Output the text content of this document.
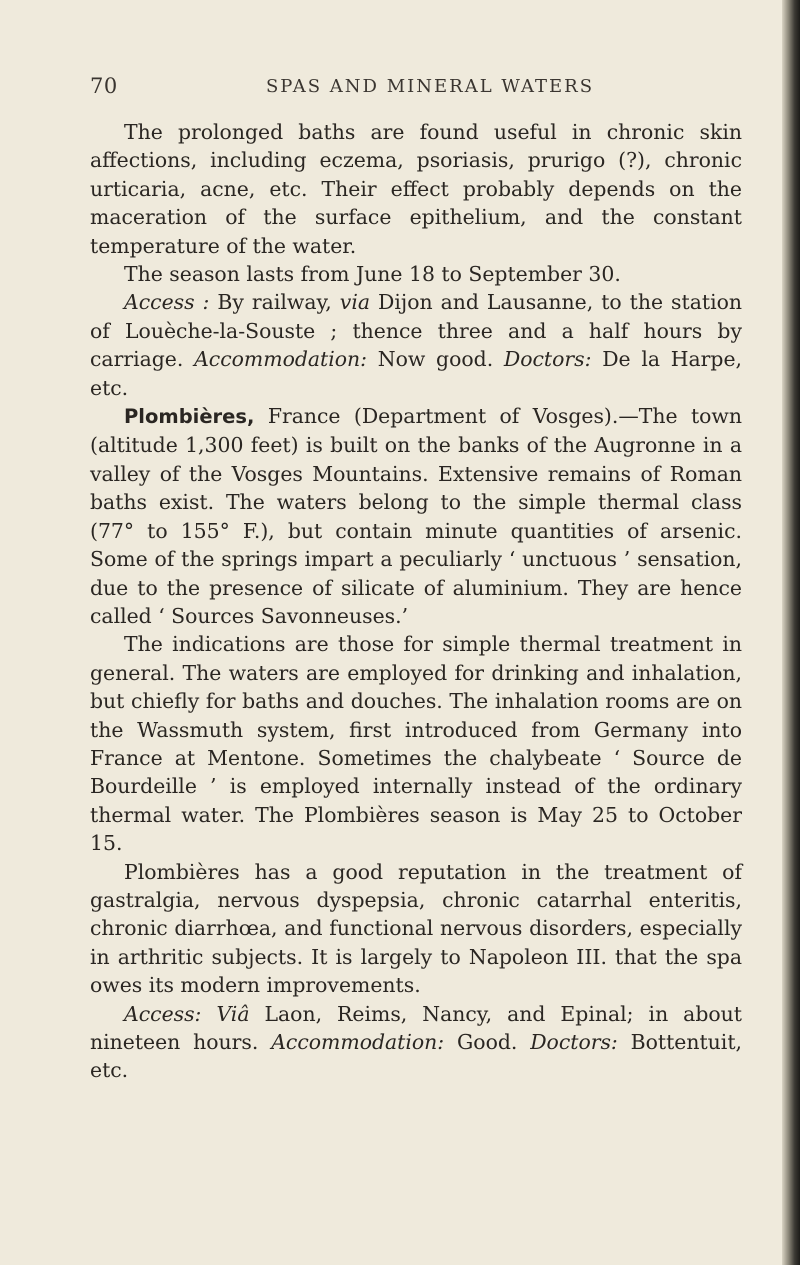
70	SPAS AND MINERAL WATERS

The prolonged baths are found useful in chronic skin affections, including eczema, psoriasis, prurigo (?), chronic urticaria, acne, etc. Their effect probably depends on the maceration of the surface epithelium, and the constant temperature of the water.

The season lasts from June 18 to September 30.

Access : By railway, via Dijon and Lausanne, to the station of Louèche-la-Souste ; thence three and a half hours by carriage. Accommodation: Now good. Doctors: De la Harpe, etc.

Plombières, France (Department of Vosges).—The town (altitude 1,300 feet) is built on the banks of the Augronne in a valley of the Vosges Mountains. Extensive remains of Roman baths exist. The waters belong to the simple thermal class (77° to 155° F.), but contain minute quantities of arsenic. Some of the springs impart a peculiarly ‘ unctuous ’ sensation, due to the presence of silicate of aluminium. They are hence called ‘ Sources Savonneuses.’

The indications are those for simple thermal treatment in general. The waters are employed for drinking and inhalation, but chiefly for baths and douches. The inhalation rooms are on the Wassmuth system, first introduced from Germany into France at Mentone. Sometimes the chalybeate ‘ Source de Bourdeille ’ is employed internally instead of the ordinary thermal water. The Plombières season is May 25 to October 15.

Plombières has a good reputation in the treatment of gastralgia, nervous dyspepsia, chronic catarrhal enteritis, chronic diarrhœa, and functional nervous disorders, especially in arthritic subjects. It is largely to Napoleon III. that the spa owes its modern improvements.

Access: Viâ Laon, Reims, Nancy, and Epinal; in about nineteen hours. Accommodation: Good. Doctors: Bottentuit, etc.
